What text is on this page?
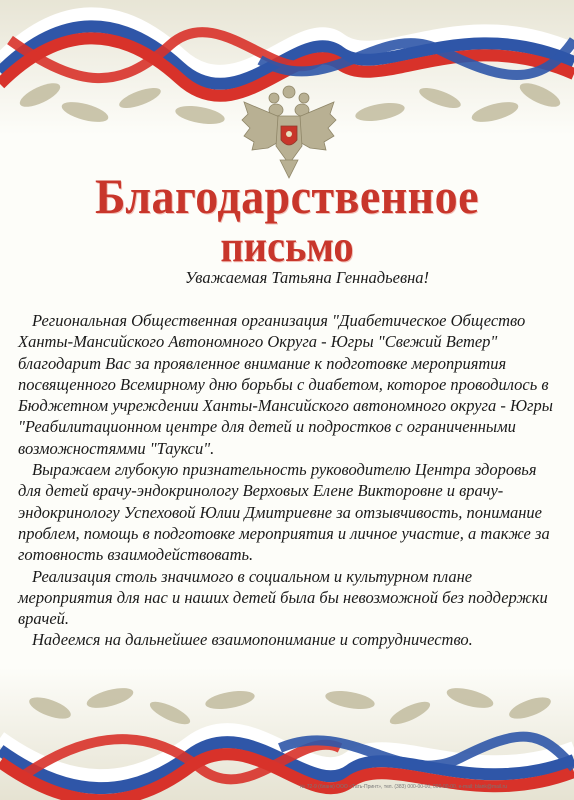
Благодарственное
письмо

Уважаемая Татьяна Геннадьевна!

Региональная Общественная организация "Диабетическое Общество Ханты-Мансийского Автономного Округа - Югры "Свежий Ветер" благодарит Вас за проявленное внимание к подготовке мероприятия посвященного Всемирному дню борьбы с диабетом, которое проводилось в Бюджетном учреждении Ханты-Мансийского автономного округа - Югры "Реабилитационном центре для детей и подростков с ограниченными возможностямми "Таукси".

Выражаем глубокую признательность руководителю Центра здоровья для детей врачу-эндокринологу Верховых Елене Викторовне и врачу-эндокринологу Успеховой Юлии Дмитриевне за отзывчивость, понимание проблем, помощь в подготовке мероприятия и личное участие, а также за готовность взаимодействовать.

Реализация столь значимого в социальном и культурном плане мероприятия для нас и наших детей была бы невозможной без поддержки врачей.

Надеемся на дальнейшее взаимопонимание и сотрудничество.

№ 72-9 (бланк) ООО «Тать-Принт», тел. (383) 000-00-00, 000-00-00, e-mail: blank@mail.ru
